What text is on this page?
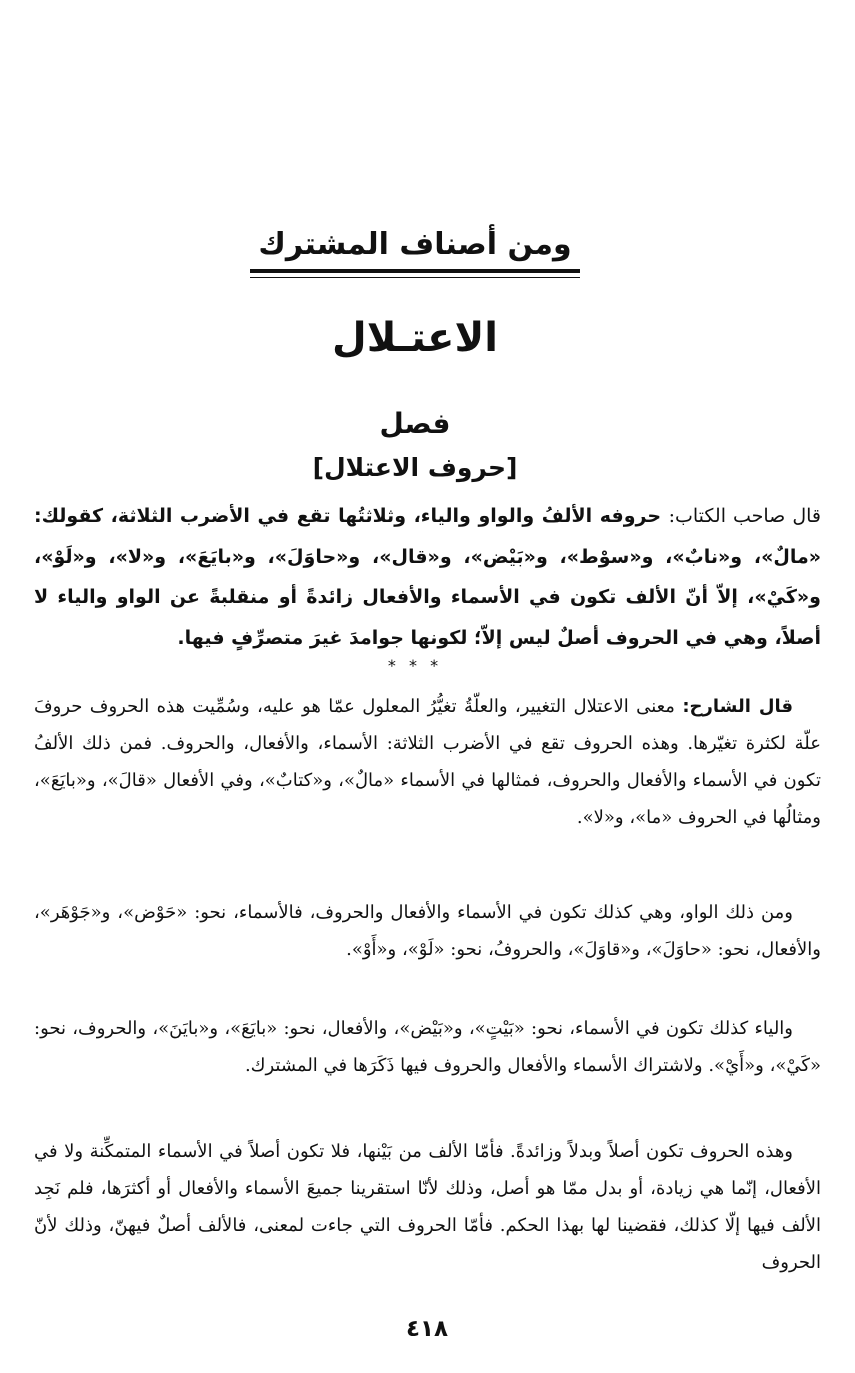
ومن أصناف المشترك
الاعتـلال
فصل
[حروف الاعتلال]
قال صاحب الكتاب: حروفه الألفُ والواو والياء، وثلاثتُها تقع في الأضرب الثلاثة، كقولك: «مالٌ»، و«نابٌ»، و«سوْط»، و«بَيْض»، و«قال»، و«حاوَلَ»، و«بايَعَ»، و«لا»، و«لَوْ»، و«كَيْ»، إلاّ أنّ الألف تكون في الأسماء والأفعال زائدةً أو منقلبةً عن الواو والياء لا أصلاً، وهي في الحروف أصلٌ ليس إلاّ؛ لكونها جوامدَ غيرَ متصرِّفٍ فيها.
* * *

قال الشارح: معنى الاعتلال التغيير، والعلّةُ تغيُّرُ المعلول عمّا هو عليه، وسُمِّيت هذه الحروف حروفَ علّة لكثرة تغيّرها. وهذه الحروف تقع في الأضرب الثلاثة: الأسماء، والأفعال، والحروف. فمن ذلك الألفُ تكون في الأسماء والأفعال والحروف، فمثالها في الأسماء «مالٌ»، و«كتابٌ»، وفي الأفعال «قالَ»، و«بايَعَ»، ومثالُها في الحروف «ما»، و«لا».

ومن ذلك الواو، وهي كذلك تكون في الأسماء والأفعال والحروف، فالأسماء، نحو: «حَوْض»، و«جَوْهَر»، والأفعال، نحو: «حاوَلَ»، و«قاوَلَ»، والحروفُ، نحو: «لَوْ»، و«أَوْ».

والياء كذلك تكون في الأسماء، نحو: «بَيْتٍ»، و«بَيْض»، والأفعال، نحو: «بايَعَ»، و«بايَنَ»، والحروف، نحو: «كَيْ»، و«أَيْ». ولاشتراك الأسماء والأفعال والحروف فيها ذَكَرَها في المشترك.

وهذه الحروف تكون أصلاً وبدلاً وزائدةً. فأمّا الألف من بَيْنها، فلا تكون أصلاً في الأسماء المتمكِّنة ولا في الأفعال، إنّما هي زيادة، أو بدل ممّا هو أصل، وذلك لأنّا استقرينا جميعَ الأسماء والأفعال أو أكثرَها، فلم نَجِد الألف فيها إلّا كذلك، فقضينا لها بهذا الحكم. فأمّا الحروف التي جاءت لمعنى، فالألف أصلٌ فيهنّ، وذلك لأنّ الحروف

٤١٨
